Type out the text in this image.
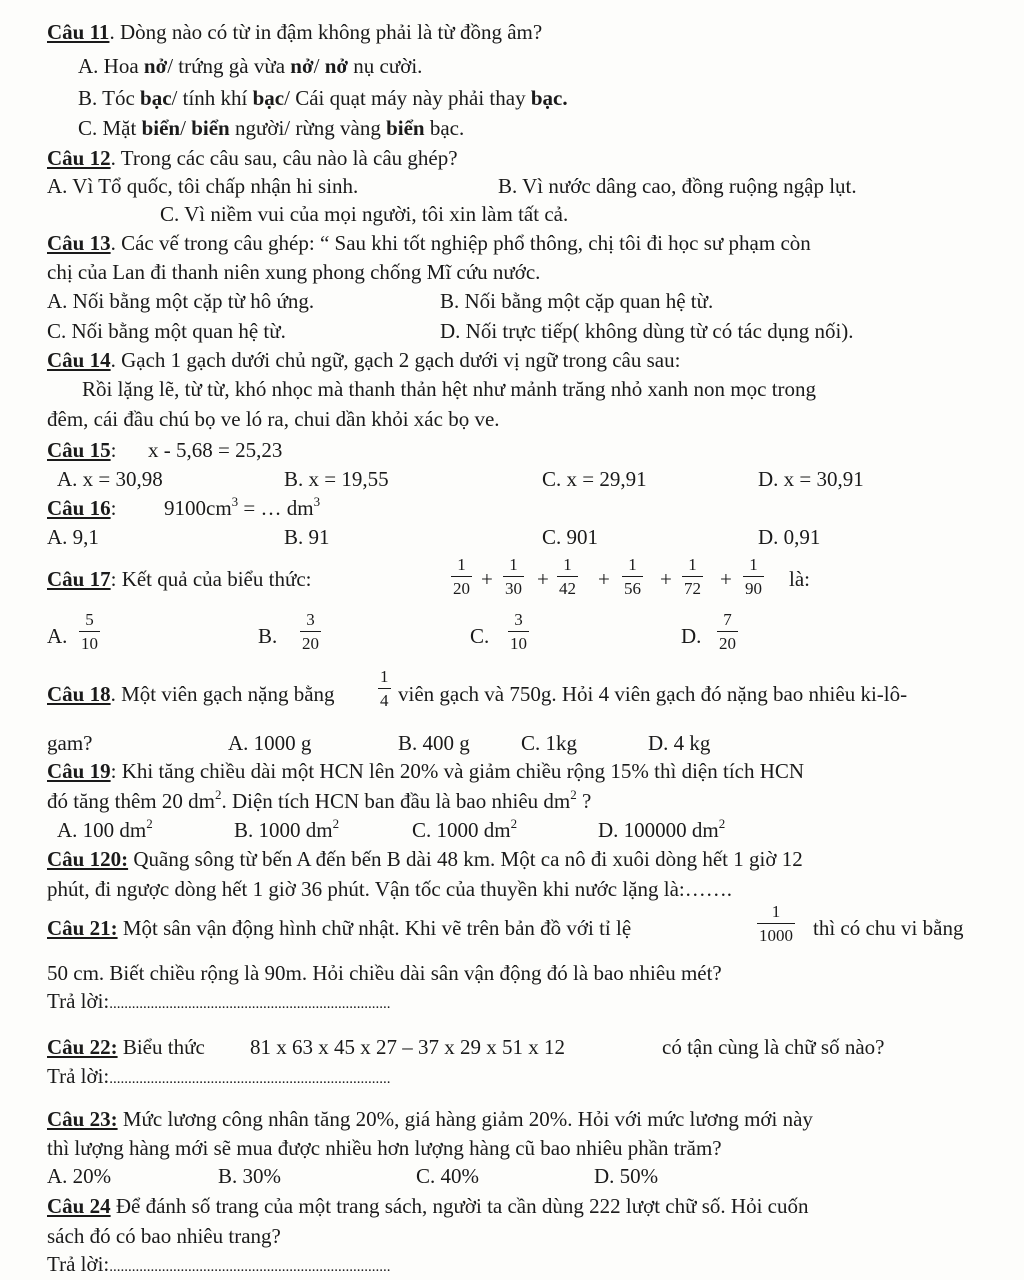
Câu 11. Dòng nào có từ in đậm không phải là từ đồng âm?
A. Hoa nở/ trứng gà vừa nở/ nở nụ cười.
B. Tóc bạc/ tính khí bạc/ Cái quạt máy này phải thay bạc.
C. Mặt biển/ biển người/ rừng vàng biển bạc.
Câu 12. Trong các câu sau, câu nào là câu ghép?
A. Vì Tổ quốc, tôi chấp nhận hi sinh.	B. Vì nước dâng cao, đồng ruộng ngập lụt.
C. Vì niềm vui của mọi người, tôi xin làm tất cả.
Câu 13. Các vế trong câu ghép: “ Sau khi tốt nghiệp phổ thông, chị tôi đi học sư phạm còn
chị của Lan đi thanh niên xung phong chống Mĩ cứu nước.
A. Nối bằng một cặp từ hô ứng.	B. Nối bằng một cặp quan hệ từ.
C. Nối bằng một quan hệ từ.	D. Nối trực tiếp( không dùng từ có tác dụng nối).
Câu 14. Gạch 1 gạch dưới chủ ngữ, gạch 2 gạch dưới vị ngữ trong câu sau:
Rồi lặng lẽ, từ từ, khó nhọc mà thanh thản hệt như mảnh trăng nhỏ xanh non mọc trong
đêm, cái đầu chú bọ ve ló ra, chui dần khỏi xác bọ ve.
Câu 15: x - 5,68 = 25,23
A. x = 30,98	B. x = 19,55	C. x = 29,91	D. x = 30,91
Câu 16: $9100cm^3$ = … $dm^3$
A. 9,1	B. 91	C. 901	D. 0,91
Câu 17: Kết quả của biểu thức:	$\frac{1}{20} + \frac{1}{30} + \frac{1}{42} + \frac{1}{56} + \frac{1}{72} + \frac{1}{90}$ là:
A. $\frac{5}{10}$	B. $\frac{3}{20}$	C. $\frac{3}{10}$	D. $\frac{7}{20}$
Câu 18. Một viên gạch nặng bằng	$\frac{1}{4}$ viên gạch và 750g. Hỏi 4 viên gạch đó nặng bao nhiêu ki-lô-
gam?	A. 1000 g	B. 400 g C. 1kg	D. 4 kg
Câu 19: Khi tăng chiều dài một HCN lên 20% và giảm chiều rộng 15% thì diện tích HCN
đó tăng thêm 20 $dm^2$. Diện tích HCN ban đầu là bao nhiêu $dm^2$ ?
A. 100 $dm^2$	B. 1000 $dm^2$	C. 1000 $dm^2$	D. 100000 $dm^2$
Câu 120: Quãng sông từ bến A đến bến B dài 48 km. Một ca nô đi xuôi dòng hết 1 giờ 12
phút, đi ngược dòng hết 1 giờ 36 phút. Vận tốc của thuyền khi nước lặng là:…….
Câu 21: Một sân vận động hình chữ nhật. Khi vẽ trên bản đồ với tỉ lệ	$\frac{1}{1000}$ thì có chu vi bằng
50 cm. Biết chiều rộng là 90m. Hỏi chiều dài sân vận động đó là bao nhiêu mét?
Trả lời:...........................................................................
Câu 22: Biểu thức 81 x 63 x 45 x 27 – 37 x 29 x 51 x 12	có tận cùng là chữ số nào?
Trả lời:...........................................................................
Câu 23: Mức lương công nhân tăng 20%, giá hàng giảm 20%. Hỏi với mức lương mới này
thì lượng hàng mới sẽ mua được nhiều hơn lượng hàng cũ bao nhiêu phần trăm?
A. 20%	B. 30%	C. 40%	D. 50%
Câu 24 Để đánh số trang của một trang sách, người ta cần dùng 222 lượt chữ số. Hỏi cuốn
sách đó có bao nhiêu trang?
Trả lời:...........................................................................
